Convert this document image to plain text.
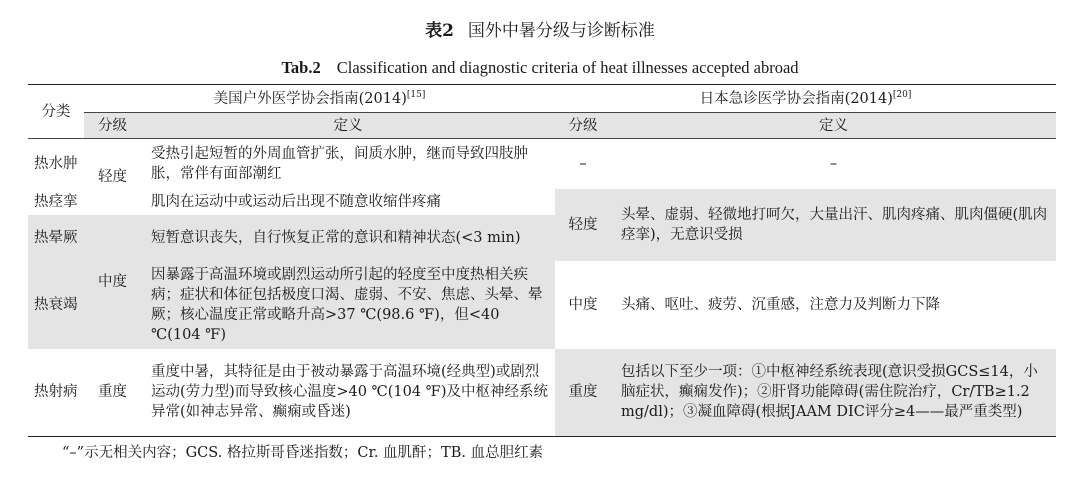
表2 国外中暑分级与诊断标准
Tab.2 Classification and diagnostic criteria of heat illnesses accepted abroad
分类	美国户外医学协会指南(2014)[15]		日本急诊医学协会指南(2014)[20]
	分级	定义	分级	定义
热水肿	轻度	受热引起短暂的外周血管扩张，间质水肿，继而导致四肢肿胀，常伴有面部潮红	–	–
热痉挛		肌肉在运动中或运动后出现不随意收缩伴疼痛	轻度	头晕、虚弱、轻微地打呵欠，大量出汗、肌肉疼痛、肌肉僵硬(肌肉痉挛)，无意识受损
热晕厥	中度	短暂意识丧失，自行恢复正常的意识和精神状态(<3 min)		
热衰竭		因暴露于高温环境或剧烈运动所引起的轻度至中度热相关疾病；症状和体征包括极度口渴、虚弱、不安、焦虑、头晕、晕厥；核心温度正常或略升高>37 ℃(98.6 ℉)，但<40 ℃(104 ℉)	中度	头痛、呕吐、疲劳、沉重感，注意力及判断力下降
热射病	重度	重度中暑，其特征是由于被动暴露于高温环境(经典型)或剧烈运动(劳力型)而导致核心温度>40 ℃(104 ℉)及中枢神经系统异常(如神志异常、癫痫或昏迷)	重度	包括以下至少一项：①中枢神经系统表现(意识受损GCS≤14，小脑症状，癫痫发作)；②肝肾功能障碍(需住院治疗，Cr/TB≥1.2 mg/dl)；③凝血障碍(根据JAAM DIC评分≥4——最严重类型)
“–”示无相关内容；GCS. 格拉斯哥昏迷指数；Cr. 血肌酐；TB. 血总胆红素
